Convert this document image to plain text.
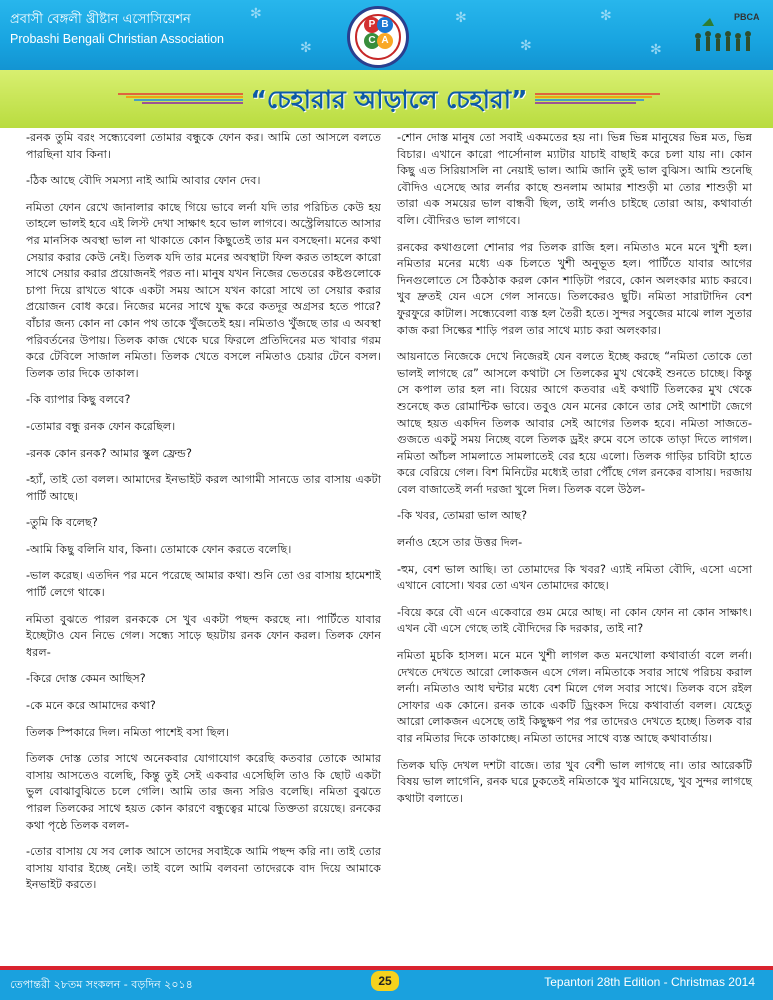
✻
✻
✻
✻
✻
✻
প্রবাসী বেঙ্গলী খ্রীষ্টান এসোসিয়েশন
Probashi Bengali Christian Association
P B
C A
PBCA
“চেহারার আড়ালে চেহারা”

-রনক তুমি বরং সন্ধ্যেবেলা তোমার বন্ধুকে ফোন কর। আমি তো আসলে বলতে পারছিনা যাব কিনা।

-ঠিক আছে বৌদি সমস্যা নাই আমি আবার ফোন দেব।

নমিতা ফোন রেখে জানালার কাছে গিয়ে ভাবে লর্না যদি তার পরিচিত কেউ হয় তাহলে ভালই হবে এই লিস্ট দেখা সাক্ষাৎ হবে ভাল লাগবে। অস্ট্রেলিয়াতে আসার পর মানসিক অবস্থা ভাল না থাকাতে কোন কিছুতেই তার মন বসছেনা। মনের কথা সেয়ার করার কেউ নেই। তিলক যদি তার মনের অবস্থাটা ফিল করত তাহলে কারো সাথে সেয়ার করার প্রয়োজনই পরত না। মানুষ যখন নিজের ভেতরের কষ্টগুলোকে চাপা দিয়ে রাখতে থাকে একটা সময় আসে যখন কারো সাথে তা সেয়ার করার প্রয়োজন বোধ করে। নিজের মনের সাথে যুদ্ধ করে কতদূর অগ্রসর হতে পারে? বাঁচার জন্য কোন না কোন পথ তাকে খুঁজতেই হয়। নমিতাও খুঁজছে তার এ অবস্থা পরিবর্তনের উপায়। তিলক কাজ থেকে ঘরে ফিরলে প্রতিদিনের মত খাবার গরম করে টেবিলে সাজাল নমিতা। তিলক খেতে বসলে নমিতাও চেয়ার টেনে বসল। তিলক তার দিকে তাকাল।

-কি ব্যাপার কিছু বলবে?

-তোমার বন্ধু রনক ফোন করেছিল।

-রনক কোন রনক? আমার স্কুল ফ্রেন্ড?

-হ্যাঁ, তাই তো বলল। আমাদের ইনভাইট করল আগামী সানডে তার বাসায় একটা পার্টি আছে।

-তুমি কি বলেছ?

-আমি কিছু বলিনি যাব, কিনা। তোমাকে ফোন করতে বলেছি।

-ভাল করেছ। এতদিন পর মনে পরেছে আমার কথা। শুনি তো ওর বাসায় হামেশাই পার্টি লেগে থাকে।

নমিতা বুঝতে পারল রনককে সে খুব একটা পছন্দ করছে না। পার্টিতে যাবার ইচ্ছেটাও যেন নিভে গেল। সন্ধ্যে সাড়ে ছয়টায় রনক ফোন করল। তিলক ফোন ধরল-

-কিরে দোস্ত কেমন আছিস?

-কে মনে করে আমাদের কথা?

তিলক স্পিকারে দিল। নমিতা পাশেই বসা ছিল।

তিলক দোস্ত তোর সাথে অনেকবার যোগাযোগ করেছি কতবার তোকে আমার বাসায় আসতেও বলেছি, কিন্তু তুই সেই একবার এসেছিলি তাও কি ছোট একটা ভুল বোঝাবুঝিতে চলে গেলি। আমি তার জন্য সরিও বলেছি। নমিতা বুঝতে পারল তিলকের সাথে হয়ত কোন কারণে বন্ধুত্বের মাঝে তিক্ততা রয়েছে। রনকের কথা পৃষ্ঠে তিলক বলল-

-তোর বাসায় যে সব লোক আসে তাদের সবাইকে আমি পছন্দ করি না। তাই তোর বাসায় যাবার ইচ্ছে নেই। তাই বলে আমি বলবনা তাদেরকে বাদ দিয়ে আমাকে ইনভাইট করতে।

-শোন দোস্ত মানুষ তো সবাই একমতের হয় না। ভিন্ন ভিন্ন মানুষের ভিন্ন মত, ভিন্ন বিচার। এখানে কারো পার্সোনাল ম্যাটার যাচাই বাছাই করে চলা যায় না। কোন কিছু এত সিরিয়াসলি না নেয়াই ভাল। আমি জানি তুই ভাল বুঝিস। আমি শুনেছি বৌদিও এসেছে আর লর্নার কাছে শুনলাম আমার শাশুড়ী মা তোর শাশুড়ী মা তারা এক সময়ের ভাল বান্ধবী ছিল, তাই লর্নাও চাইছে তোরা আয়, কথাবার্তা বলি। বৌদিরও ভাল লাগবে।

রনকের কথাগুলো শোনার পর তিলক রাজি হল। নমিতাও মনে মনে খুশী হল। নমিতার মনের মধ্যে এক চিলতে খুশী অনুভূত হল। পার্টিতে যাবার আগের দিনগুলোতে সে ঠিকঠাক করল কোন শাড়িটা পরবে, কোন অলংকার ম্যাচ করবে। খুব দ্রুতই যেন এসে গেল সানডে। তিলকেরও ছুটি। নমিতা সারাটাদিন বেশ ফুরফুরে কাটাল। সন্ধ্যেবেলা ব্যস্ত হল তৈরী হতে। সুন্দর সবুজের মাঝে লাল সুতার কাজ করা সিল্কের শাড়ি পরল তার সাথে ম্যাচ করা অলংকার।

আয়নাতে নিজেকে দেখে নিজেরই যেন বলতে ইচ্ছে করছে “নমিতা তোকে তো ভালই লাগছে রে” আসলে কথাটা সে তিলকের মুখ থেকেই শুনতে চাচ্ছে। কিন্তু সে কপাল তার হল না। বিয়ের আগে কতবার এই কথাটি তিলকের মুখ থেকে শুনেছে কত রোমান্টিক ভাবে। তবুও যেন মনের কোনে তার সেই আশাটা জেগে আছে হয়ত একদিন তিলক আবার সেই আগের তিলক হবে। নমিতা সাজতে-গুজতে একটু সময় নিচ্ছে বলে তিলক ড্রইং রুমে বসে তাকে তাড়া দিতে লাগল। নমিতা আঁচল সামলাতে সামলাতেই বের হয়ে এলো। তিলক গাড়ির চাবিটা হাতে করে বেরিয়ে গেল। বিশ মিনিটের মধ্যেই তারা পৌঁছে গেল রনকের বাসায়। দরজায় বেল বাজাতেই লর্না দরজা খুলে দিল। তিলক বলে উঠল-

-কি খবর, তোমরা ভাল আছ?

লর্নাও হেসে তার উত্তর দিল-

-হুম, বেশ ভাল আছি। তা তোমাদের কি খবর? এ্যাই নমিতা বৌদি, এসো এসো এখানে বোসো। খবর তো এখন তোমাদের কাছে।

-বিয়ে করে বৌ এনে একেবারে গুম মেরে আছ। না কোন ফোন না কোন সাক্ষাৎ। এখন বৌ এসে গেছে তাই বৌদিদের কি দরকার, তাই না?

নমিতা মুচকি হাসল। মনে মনে খুশী লাগল কত মনখোলা কথাবার্তা বলে লর্না। দেখতে দেখতে আরো লোকজন এসে গেল। নমিতাকে সবার সাথে পরিচয় করাল লর্না। নমিতাও আধ ঘন্টার মধ্যে বেশ মিলে গেল সবার সাথে। তিলক বসে রইল সোফার এক কোনে। রনক তাকে একটি ড্রিংকস দিয়ে কথাবার্তা বলল। যেহেতু আরো লোকজন এসেছে তাই কিছুক্ষণ পর পর তাদেরও দেখতে হচ্ছে। তিলক বার বার নমিতার দিকে তাকাচ্ছে। নমিতা তাদের সাথে ব্যস্ত আছে কথাবার্তায়।

তিলক ঘড়ি দেখল দশটা বাজে। তার খুব বেশী ভাল লাগছে না। তার আরেকটি বিষয় ভাল লাগেনি, রনক ঘরে ঢুকতেই নমিতাকে খুব মানিয়েছে, খুব সুন্দর লাগছে কথাটা বলাতে।

তেপান্তরী ২৮তম সংকলন - বড়দিন ২০১৪	25	Tepantori 28th Edition - Christmas 2014
